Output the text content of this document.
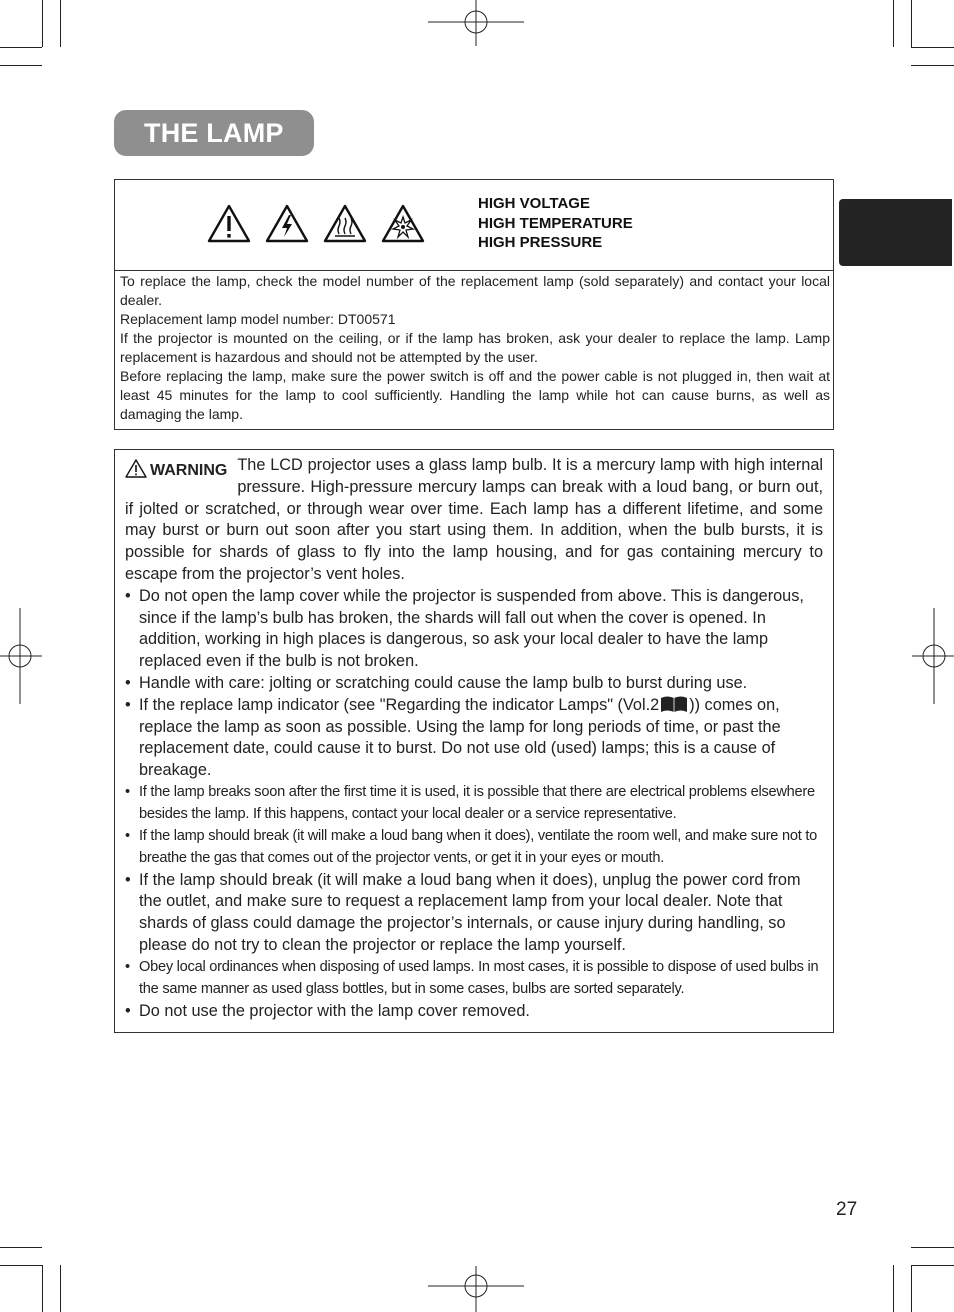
THE LAMP
HIGH VOLTAGE
HIGH TEMPERATURE
HIGH PRESSURE

To replace the lamp, check the model number of the replacement lamp (sold separately) and contact your local dealer.

Replacement lamp model number: DT00571

If the projector is mounted on the ceiling, or if the lamp has broken, ask your dealer to replace the lamp. Lamp replacement is hazardous and should not be attempted by the user.

Before replacing the lamp, make sure the power switch is off and the power cable is not plugged in, then wait at least 45 minutes for the lamp to cool sufficiently. Handling the lamp while hot can cause burns, as well as damaging the lamp.

WARNING The LCD projector uses a glass lamp bulb. It is a mercury lamp with high internal pressure. High-pressure mercury lamps can break with a loud bang, or burn out, if jolted or scratched, or through wear over time. Each lamp has a different lifetime, and some may burst or burn out soon after you start using them. In addition, when the bulb bursts, it is possible for shards of glass to fly into the lamp housing, and for gas containing mercury to escape from the projector’s vent holes.

• Do not open the lamp cover while the projector is suspended from above. This is dangerous, since if the lamp’s bulb has broken, the shards will fall out when the cover is opened. In addition, working in high places is dangerous, so ask your local dealer to have the lamp replaced even if the bulb is not broken.
• Handle with care: jolting or scratching could cause the lamp bulb to burst during use.
• If the replace lamp indicator (see "Regarding the indicator Lamps" (Vol.2 )) comes on, replace the lamp as soon as possible. Using the lamp for long periods of time, or past the replacement date, could cause it to burst. Do not use old (used) lamps; this is a cause of breakage.
• If the lamp breaks soon after the first time it is used, it is possible that there are electrical problems elsewhere besides the lamp. If this happens, contact your local dealer or a service representative.
• If the lamp should break (it will make a loud bang when it does), ventilate the room well, and make sure not to breathe the gas that comes out of the projector vents, or get it in your eyes or mouth.
• If the lamp should break (it will make a loud bang when it does), unplug the power cord from the outlet, and make sure to request a replacement lamp from your local dealer. Note that shards of glass could damage the projector’s internals, or cause injury during handling, so please do not try to clean the projector or replace the lamp yourself.
• Obey local ordinances when disposing of used lamps. In most cases, it is possible to dispose of used bulbs in the same manner as used glass bottles, but in some cases, bulbs are sorted separately.
• Do not use the projector with the lamp cover removed.
27
